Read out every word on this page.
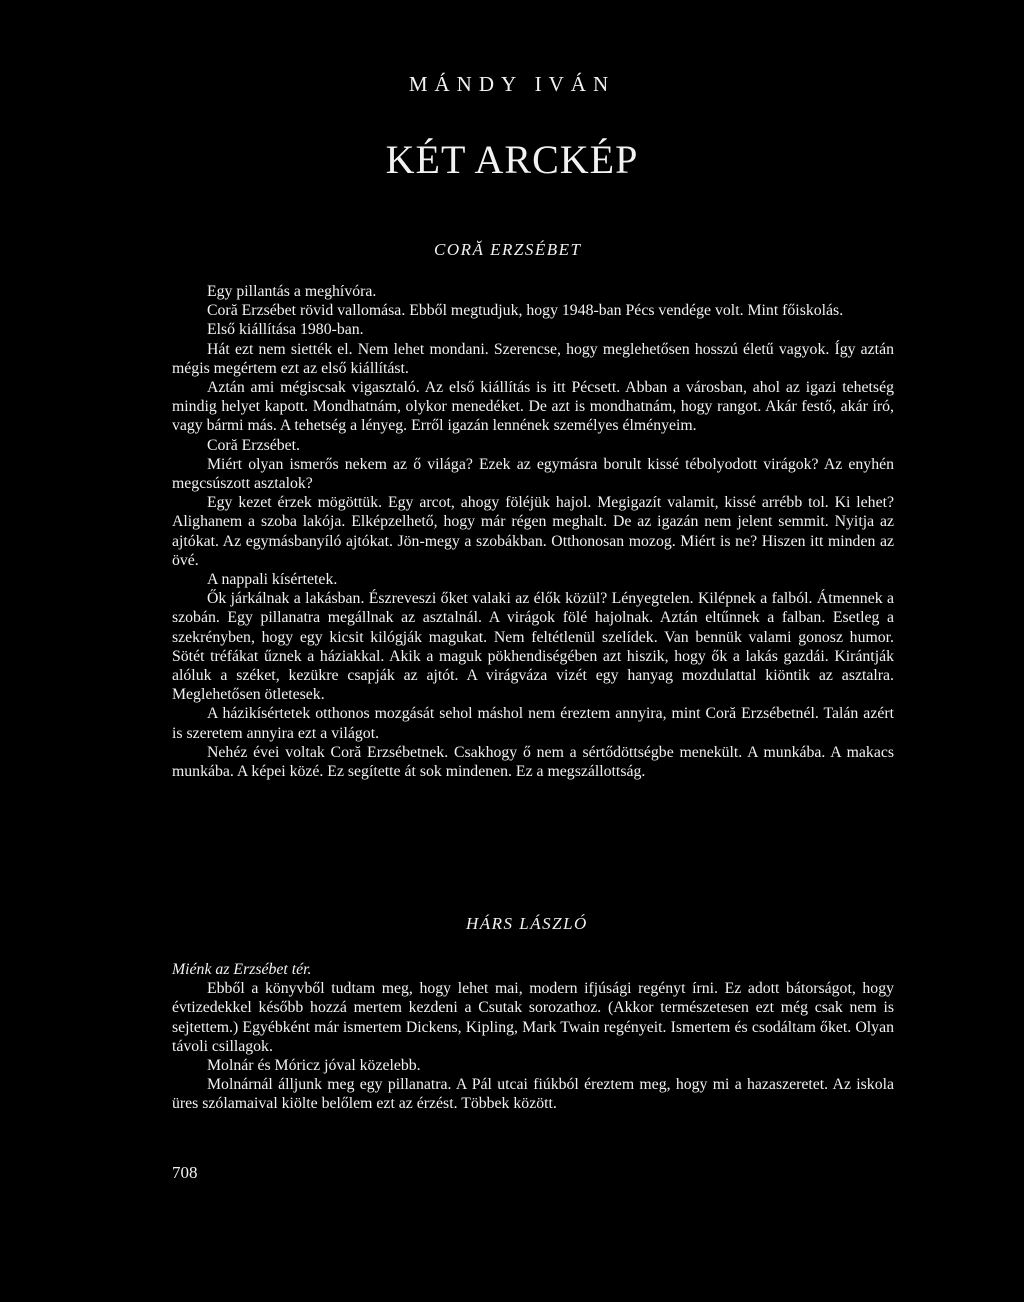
MÁNDY IVÁN
KÉT ARCKÉP
CORĂ ERZSÉBET

Egy pillantás a meghívóra.

Coră Erzsébet rövid vallomása. Ebből megtudjuk, hogy 1948-ban Pécs vendége volt. Mint főiskolás.

Első kiállítása 1980-ban.

Hát ezt nem siették el. Nem lehet mondani. Szerencse, hogy meglehetősen hosszú életű vagyok. Így aztán mégis megértem ezt az első kiállítást.

Aztán ami mégiscsak vigasztaló. Az első kiállítás is itt Pécsett. Abban a városban, ahol az igazi tehetség mindig helyet kapott. Mondhatnám, olykor menedéket. De azt is mondhatnám, hogy rangot. Akár festő, akár író, vagy bármi más. A tehetség a lényeg. Erről igazán lennének személyes élményeim.

Coră Erzsébet.

Miért olyan ismerős nekem az ő világa? Ezek az egymásra borult kissé tébolyodott virágok? Az enyhén megcsúszott asztalok?

Egy kezet érzek mögöttük. Egy arcot, ahogy föléjük hajol. Megigazít valamit, kissé arrébb tol. Ki lehet? Alighanem a szoba lakója. Elképzelhető, hogy már régen meghalt. De az igazán nem jelent semmit. Nyitja az ajtókat. Az egymásbanyíló ajtókat. Jön-megy a szobákban. Otthonosan mozog. Miért is ne? Hiszen itt minden az övé.

A nappali kísértetek.

Ők járkálnak a lakásban. Észreveszi őket valaki az élők közül? Lényegtelen. Kilépnek a falból. Átmennek a szobán. Egy pillanatra megállnak az asztalnál. A virágok fölé hajolnak. Aztán eltűnnek a falban. Esetleg a szekrényben, hogy egy kicsit kilógják magukat. Nem feltétlenül szelídek. Van bennük valami gonosz humor. Sötét tréfákat űznek a háziakkal. Akik a maguk pökhendiségében azt hiszik, hogy ők a lakás gazdái. Kirántják alóluk a széket, kezükre csapják az ajtót. A virágváza vizét egy hanyag mozdulattal kiöntik az asztalra. Meglehetősen ötletesek.

A házikísértetek otthonos mozgását sehol máshol nem éreztem annyira, mint Coră Erzsébetnél. Talán azért is szeretem annyira ezt a világot.

Nehéz évei voltak Coră Erzsébetnek. Csakhogy ő nem a sértődöttségbe menekült. A munkába. A makacs munkába. A képei közé. Ez segítette át sok mindenen. Ez a megszállottság.

HÁRS LÁSZLÓ

Miénk az Erzsébet tér.

Ebből a könyvből tudtam meg, hogy lehet mai, modern ifjúsági regényt írni. Ez adott bátorságot, hogy évtizedekkel később hozzá mertem kezdeni a Csutak sorozathoz. (Akkor természetesen ezt még csak nem is sejtettem.) Egyébként már ismertem Dickens, Kipling, Mark Twain regényeit. Ismertem és csodáltam őket. Olyan távoli csillagok.

Molnár és Móricz jóval közelebb.

Molnárnál álljunk meg egy pillanatra. A Pál utcai fiúkból éreztem meg, hogy mi a hazaszeretet. Az iskola üres szólamaival kiölte belőlem ezt az érzést. Többek között.

708
